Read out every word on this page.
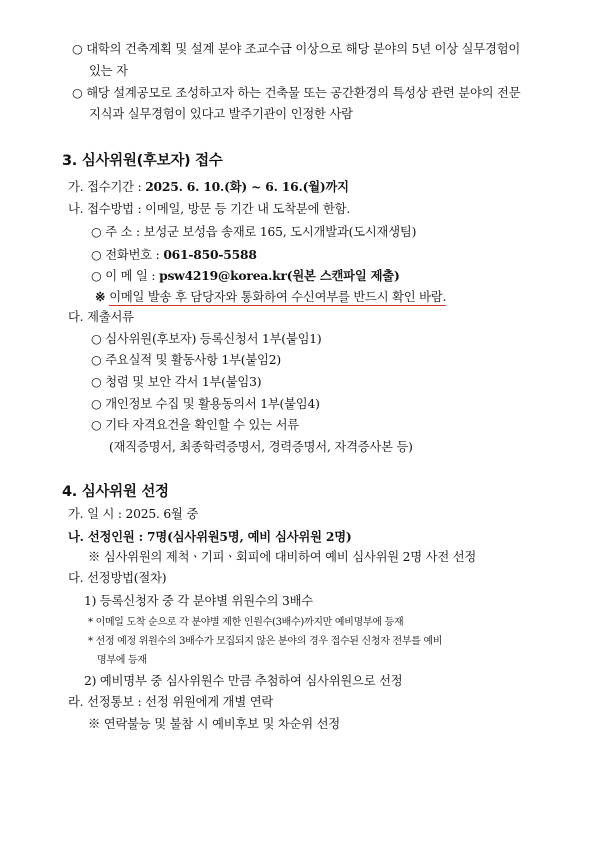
○ 대학의 건축계획 및 설계 분야 조교수급 이상으로 해당 분야의 5년 이상 실무경험이
있는 자
○ 해당 설계공모로 조성하고자 하는 건축물 또는 공간환경의 특성상 관련 분야의 전문
지식과 실무경험이 있다고 발주기관이 인정한 사람
3. 심사위원(후보자) 접수
가. 접수기간 : 2025. 6. 10.(화) ~ 6. 16.(월)까지
나. 접수방법 : 이메일, 방문 등 기간 내 도착분에 한함.
○ 주 소 : 보성군 보성읍 송재로 165, 도시개발과(도시재생팀)
○ 전화번호 : 061-850-5588
○ 이 메 일 : psw4219@korea.kr(원본 스캔파일 제출)
※ 이메일 발송 후 담당자와 통화하여 수신여부를 반드시 확인 바람.
다. 제출서류
○ 심사위원(후보자) 등록신청서 1부(붙임1)
○ 주요실적 및 활동사항 1부(붙임2)
○ 청렴 및 보안 각서 1부(붙임3)
○ 개인정보 수집 및 활용동의서 1부(붙임4)
○ 기타 자격요건을 확인할 수 있는 서류
(재직증명서, 최종학력증명서, 경력증명서, 자격증사본 등)
4. 심사위원 선정
가. 일 시 : 2025. 6월 중
나. 선정인원 : 7명(심사위원5명, 예비 심사위원 2명)
※ 심사위원의 제척ㆍ기피ㆍ회피에 대비하여 예비 심사위원 2명 사전 선정
다. 선정방법(절차)
1) 등록신청자 중 각 분야별 위원수의 3배수
* 이메일 도착 순으로 각 분야별 제한 인원수(3배수)까지만 예비명부에 등재
* 선정 예정 위원수의 3배수가 모집되지 않은 분야의 경우 접수된 신청자 전부를 예비
명부에 등재
2) 예비명부 중 심사위원수 만큼 추첨하여 심사위원으로 선정
라. 선정통보 : 선정 위원에게 개별 연락
※ 연락불능 및 불참 시 예비후보 및 차순위 선정
